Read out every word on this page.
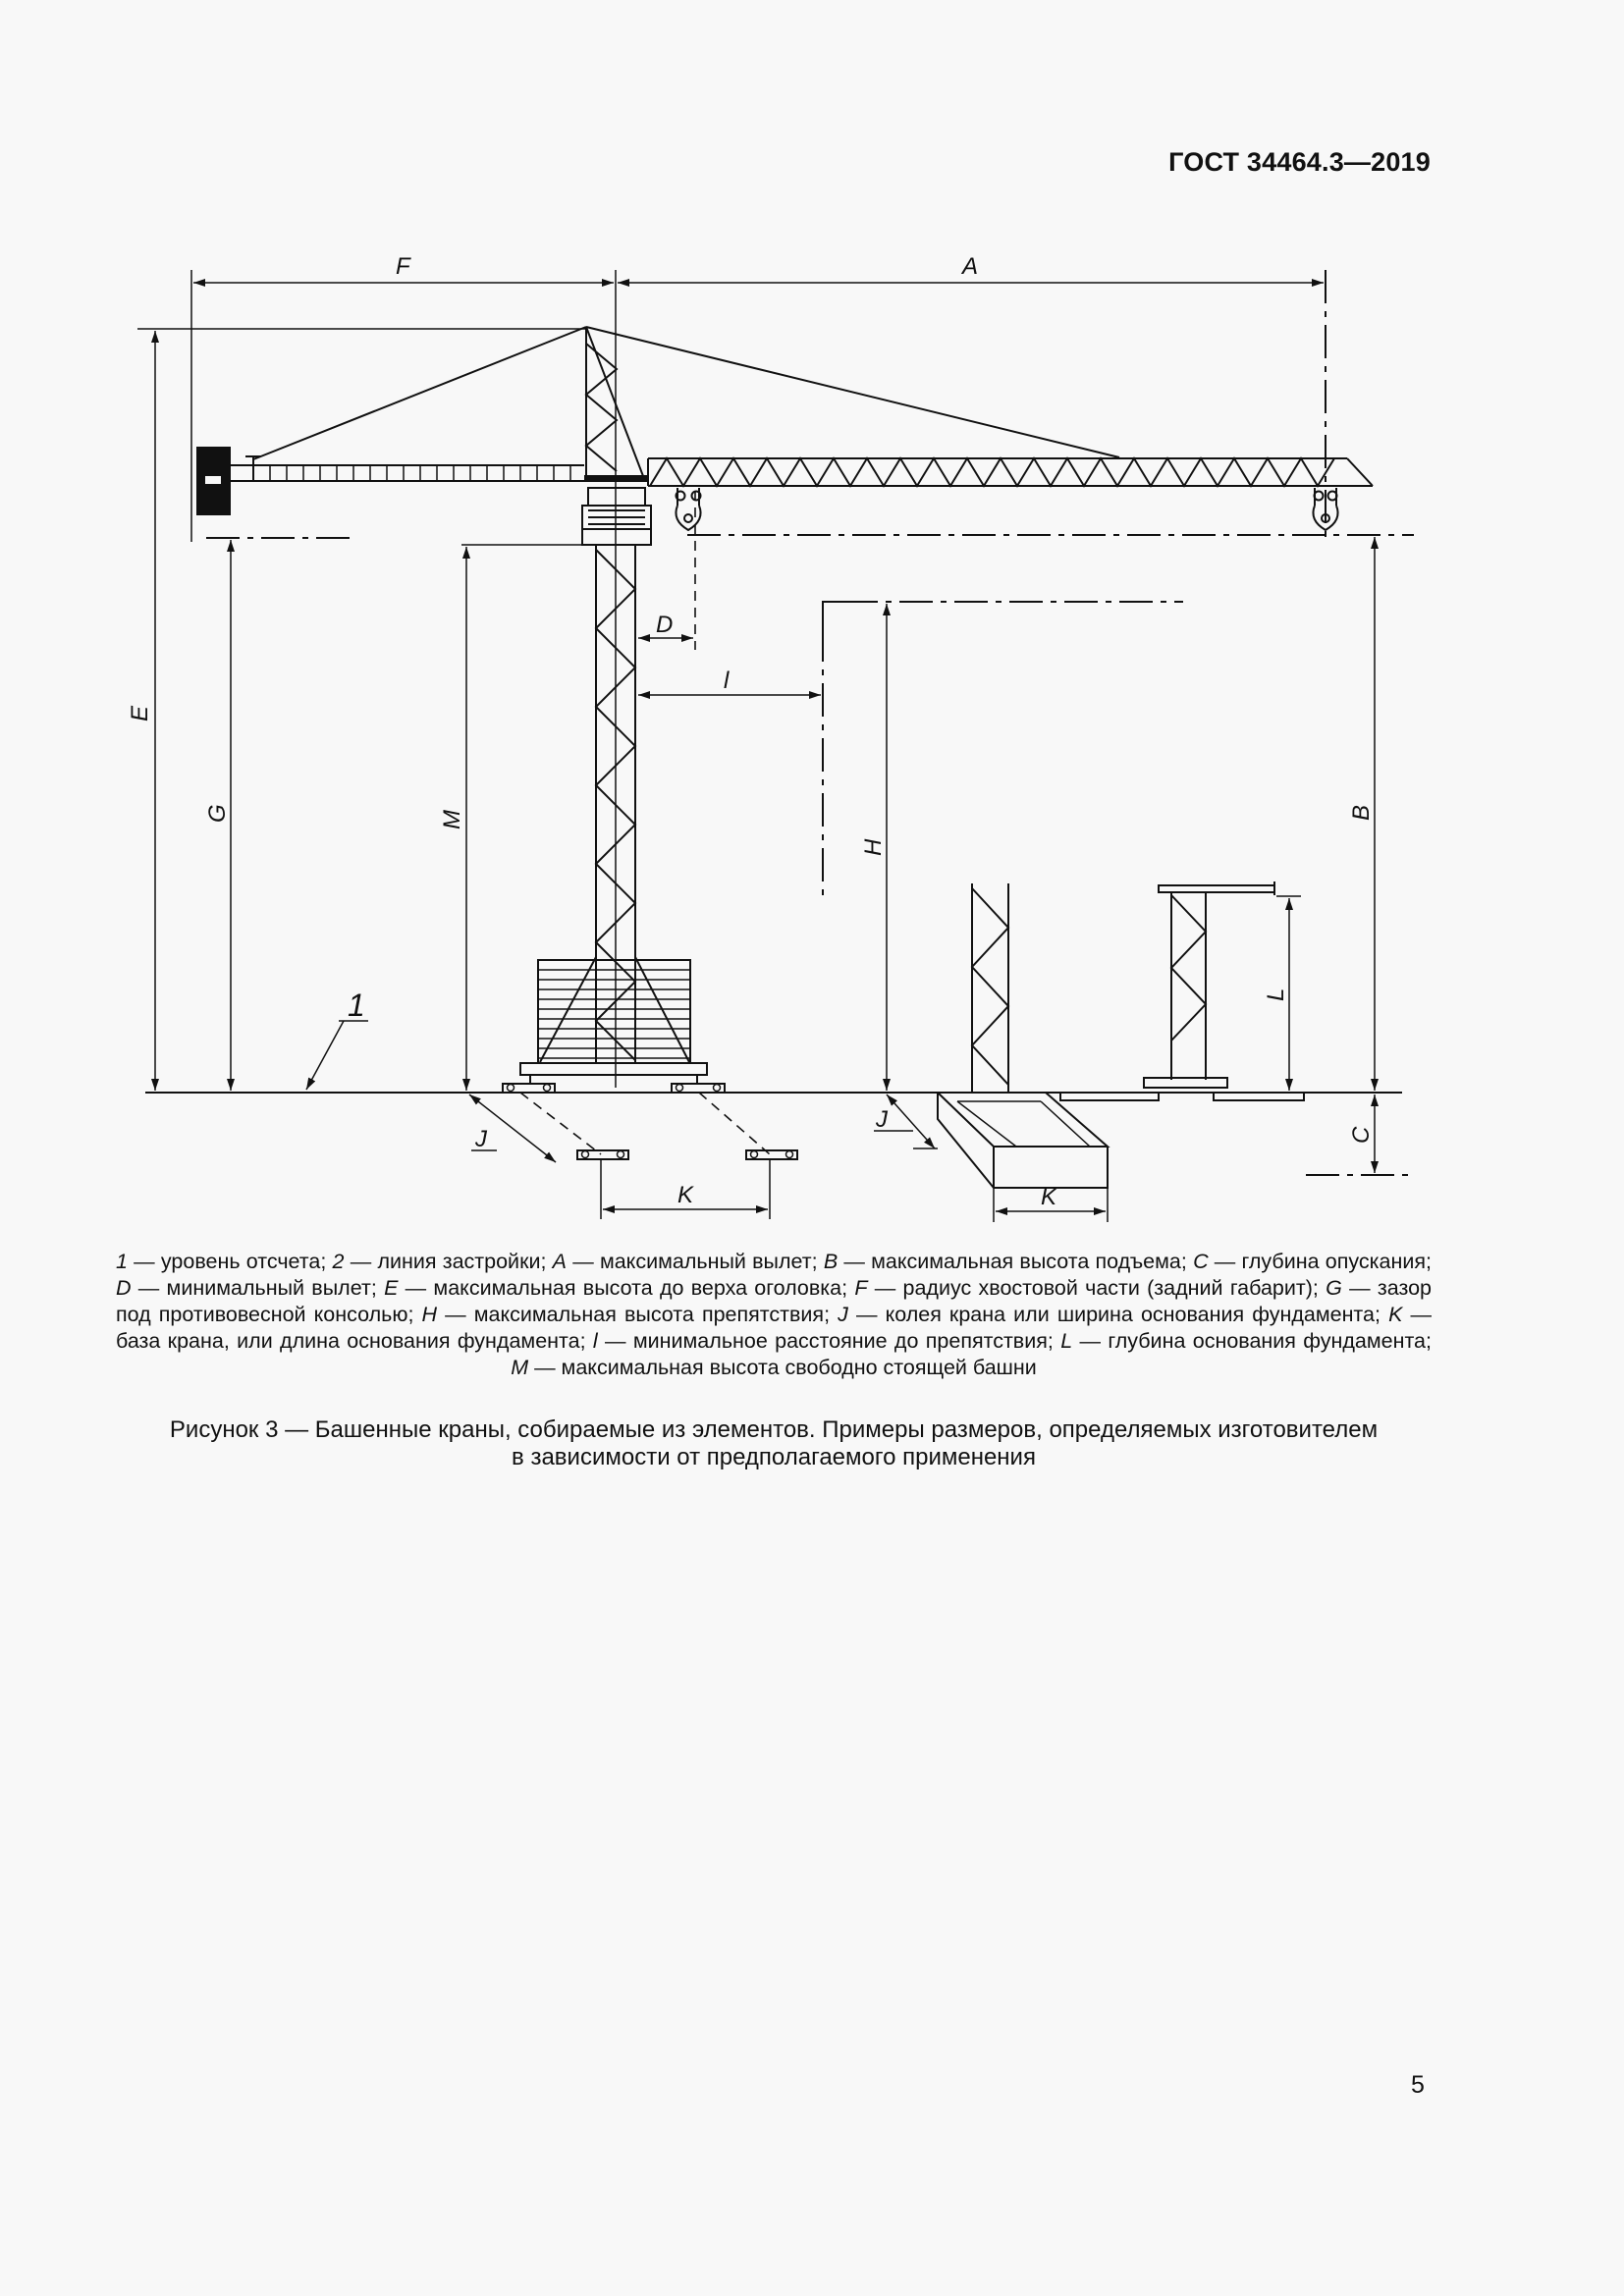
ГОСТ 34464.3—2019
F	A
E
G	M
D
l
H
B
C
J
K
J
K
L
1
1 — уровень отсчета; 2 — линия застройки; A — максимальный вылет; B — максимальная высота подъема; C — глубина опускания; D — минимальный вылет; E — максимальная высота до верха оголовка; F — радиус хвостовой части (задний габарит); G — зазор под противовесной консолью; H — максимальная высота препятствия; J — колея крана или ширина основания фундамента; K — база крана, или длина основания фундамента; l — минимальное расстояние до препятствия; L — глубина основания фундамента; M — максимальная высота свободно стоящей башни
Рисунок 3 — Башенные краны, собираемые из элементов. Примеры размеров, определяемых изготовителем
в зависимости от предполагаемого применения
5
